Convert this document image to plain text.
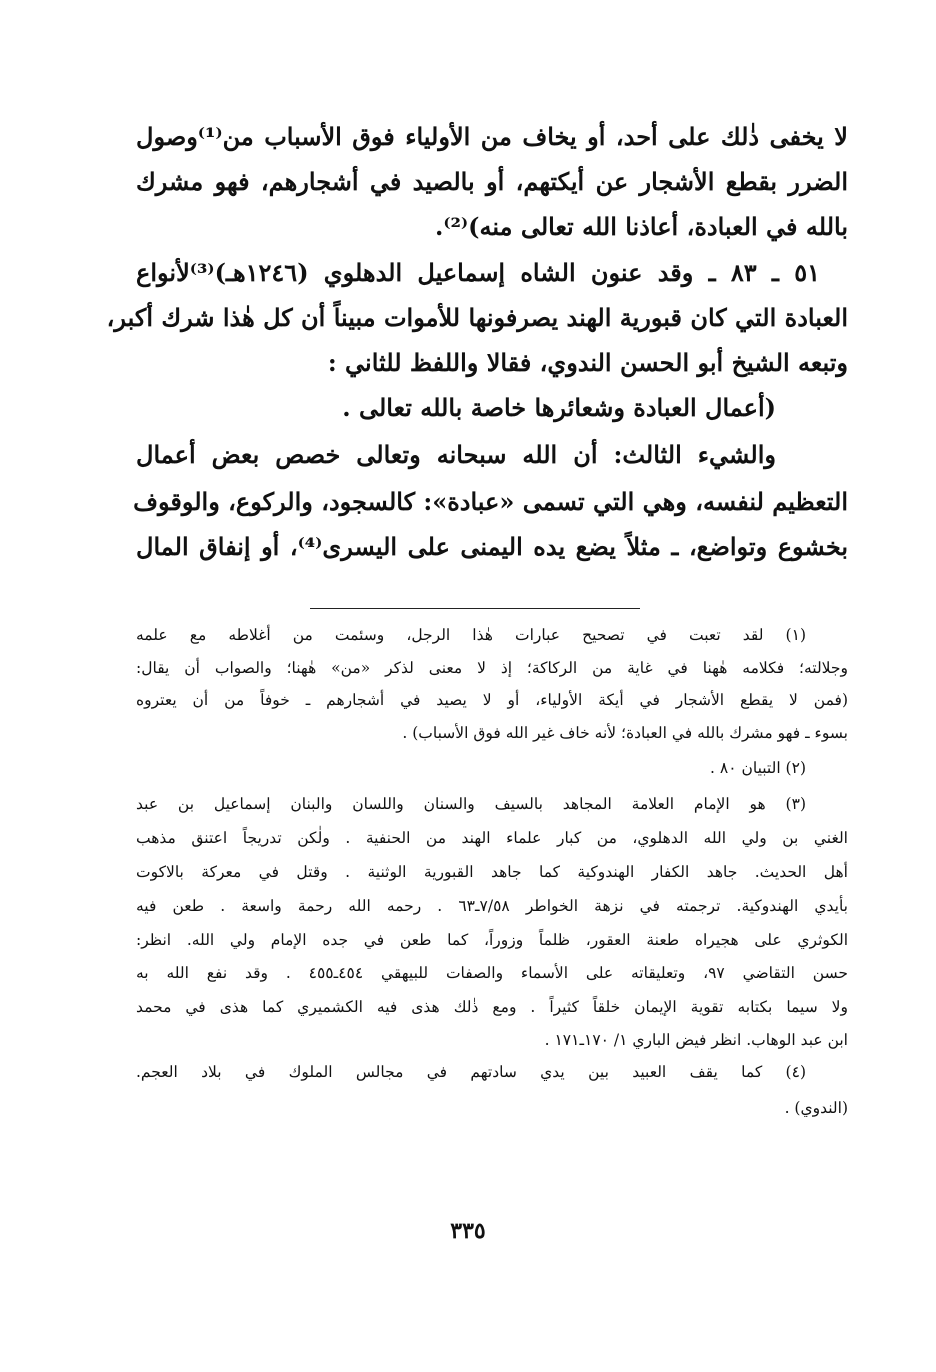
لا يخفى ذٰلك على أحد، أو يخاف من الأولياء فوق الأسباب من⁽¹⁾وصول
الضرر بقطع الأشجار عن أيكتهم، أو بالصيد في أشجارهم، فهو مشرك
بالله في العبادة، أعاذنا الله تعالى منه)⁽²⁾.
٥١ ـ ٨٣ ـ وقد عنون الشاه إسماعيل الدهلوي (١٢٤٦هـ)⁽³⁾لأنواع
العبادة التي كان قبورية الهند يصرفونها للأموات مبيناً أن كل هٰذا شرك أكبر،
وتبعه الشيخ أبو الحسن الندوي، فقالا واللفظ للثاني :
(أعمال العبادة وشعائرها خاصة بالله تعالى .
والشيء الثالث: أن الله سبحانه وتعالى خصص بعض أعمال
التعظيم لنفسه، وهي التي تسمى «عبادة»: كالسجود، والركوع، والوقوف
بخشوع وتواضع، ـ مثلاً يضع يده اليمنى على اليسرى⁽⁴⁾، أو إنفاق المال
(١) لقد تعبت في تصحيح عبارات هٰذا الرجل، وسئمت من أغلاطه مع علمه
وجلالته؛ فكلامه هٰهنا في غاية من الركاكة؛ إذ لا معنى لذكر «من» هٰهنا؛ والصواب أن يقال:
(فمن لا يقطع الأشجار في أيكة الأولياء، أو لا يصيد في أشجارهم ـ خوفاً من أن يعتروه
بسوء ـ فهو مشرك بالله في العبادة؛ لأنه خاف غير الله فوق الأسباب) .
(٢) التبيان ٨٠ .
(٣) هو الإمام العلامة المجاهد بالسيف والسنان واللسان والبنان إسماعيل بن عبد
الغني بن ولي الله الدهلوي، من كبار علماء الهند من الحنفية . ولٰكن تدريجاً اعتنق مذهب
أهل الحديث. جاهد الكفار الهندوكية كما جاهد القبورية الوثنية . وقتل في معركة بالاكوت
بأيدي الهندوكية. ترجمته في نزهة الخواطر ٧/٥٨ـ٦٣ . رحمه الله رحمة واسعة . طعن فيه
الكوثري على هجيراه طعنة العقور، ظلماً وزوراً، كما طعن في جده الإمام ولي الله. انظر:
حسن التقاضي ٩٧، وتعليقاته على الأسماء والصفات للبيهقي ٤٥٤ـ٤٥٥ . وقد نفع الله به
ولا سيما بكتابه تقوية الإيمان خلقاً كثيراً . ومع ذٰلك هذى فيه الكشميري كما هذى في محمد
ابن عبد الوهاب. انظر فيض الباري ١/ ١٧٠ـ١٧١ .
(٤) كما يقف العبيد بين يدي سادتهم في مجالس الملوك في بلاد العجم.
(الندوي) .
٣٣٥
